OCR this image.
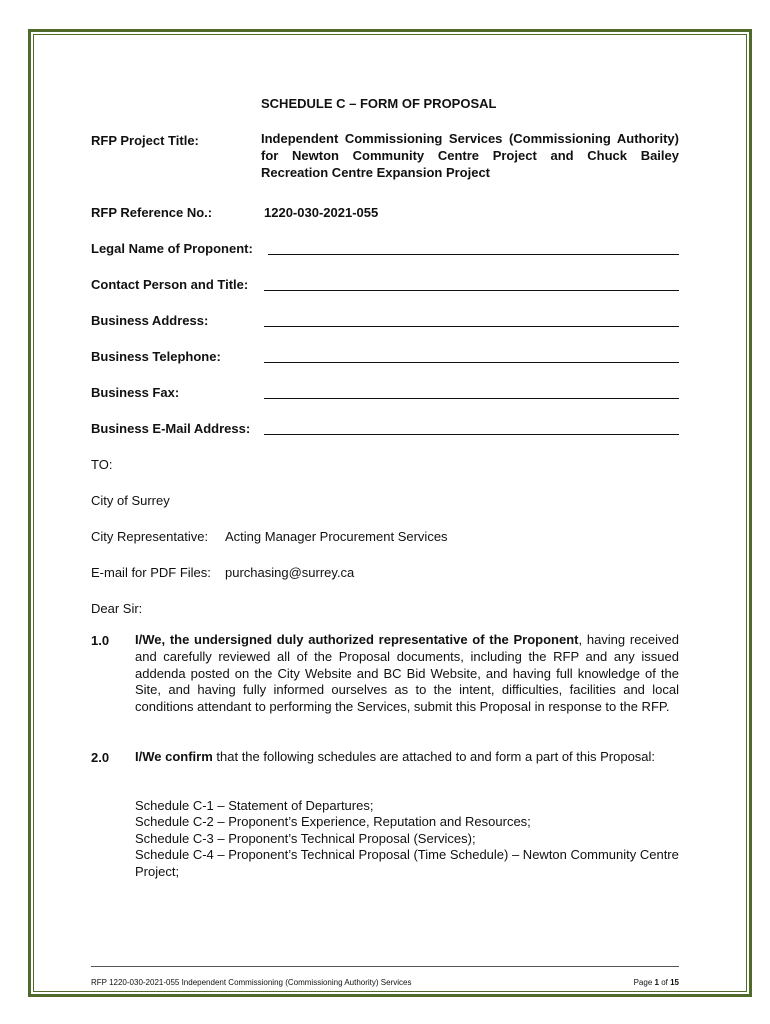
SCHEDULE C – FORM OF PROPOSAL
RFP Project Title:	Independent Commissioning Services (Commissioning Authority) for Newton Community Centre Project and Chuck Bailey Recreation Centre Expansion Project
RFP Reference No.:	1220-030-2021-055
Legal Name of Proponent:
Contact Person and Title:
Business Address:
Business Telephone:
Business Fax:
Business E-Mail Address:
TO:
City of Surrey
City Representative: Acting Manager Procurement Services
E-mail for PDF Files: purchasing@surrey.ca
Dear Sir:
1.0 I/We, the undersigned duly authorized representative of the Proponent, having received and carefully reviewed all of the Proposal documents, including the RFP and any issued addenda posted on the City Website and BC Bid Website, and having full knowledge of the Site, and having fully informed ourselves as to the intent, difficulties, facilities and local conditions attendant to performing the Services, submit this Proposal in response to the RFP.
2.0 I/We confirm that the following schedules are attached to and form a part of this Proposal:
Schedule C-1 – Statement of Departures;
Schedule C-2 – Proponent’s Experience, Reputation and Resources;
Schedule C-3 – Proponent’s Technical Proposal (Services);
Schedule C-4 – Proponent’s Technical Proposal (Time Schedule) – Newton Community Centre Project;
RFP 1220-030-2021-055 Independent Commissioning (Commissioning Authority) Services	Page 1 of 15
